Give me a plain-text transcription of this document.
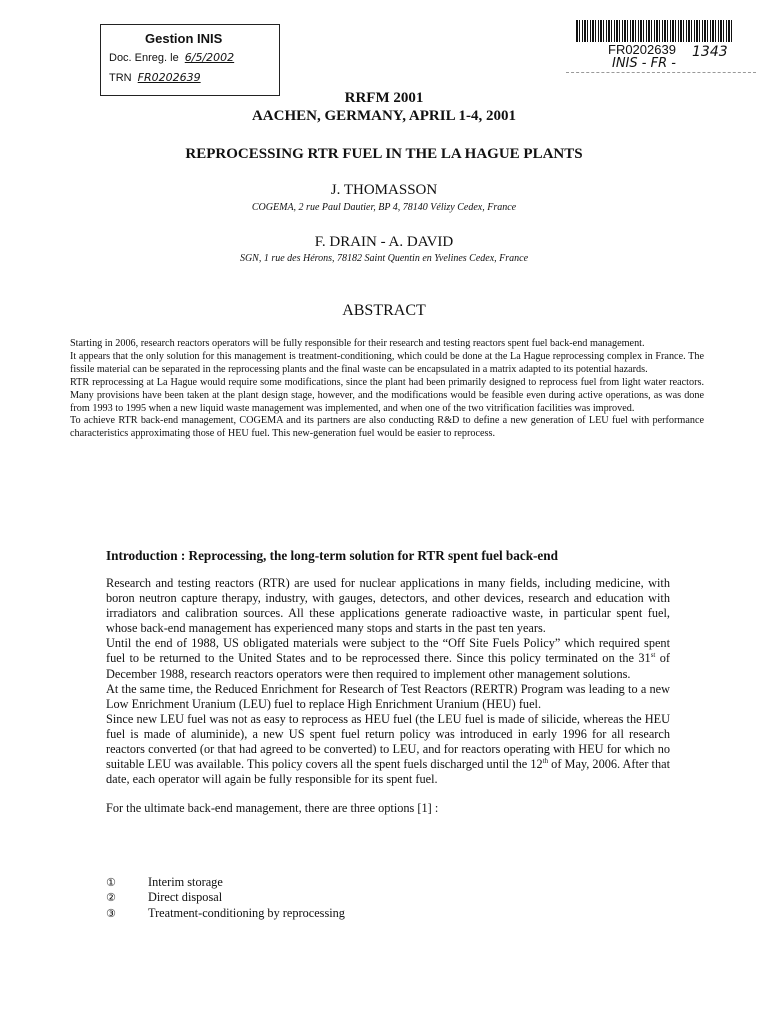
Gestion INIS
Doc. Enreg. le 6/5/2002
TRN FR0202639
FR0202639 1343
INIS - FR -
RRFM 2001
AACHEN, GERMANY, APRIL 1-4, 2001
REPROCESSING RTR FUEL IN THE LA HAGUE PLANTS
J. THOMASSON
COGEMA, 2 rue Paul Dautier, BP 4, 78140 Vélizy Cedex, France
F. DRAIN - A. DAVID
SGN, 1 rue des Hérons, 78182 Saint Quentin en Yvelines Cedex, France
ABSTRACT

Starting in 2006, research reactors operators will be fully responsible for their research and testing reactors spent fuel back-end management.

It appears that the only solution for this management is treatment-conditioning, which could be done at the La Hague reprocessing complex in France. The fissile material can be separated in the reprocessing plants and the final waste can be encapsulated in a matrix adapted to its potential hazards.

RTR reprocessing at La Hague would require some modifications, since the plant had been primarily designed to reprocess fuel from light water reactors. Many provisions have been taken at the plant design stage, however, and the modifications would be feasible even during active operations, as was done from 1993 to 1995 when a new liquid waste management was implemented, and when one of the two vitrification facilities was improved.

To achieve RTR back-end management, COGEMA and its partners are also conducting R&D to define a new generation of LEU fuel with performance characteristics approximating those of HEU fuel. This new-generation fuel would be easier to reprocess.

Introduction : Reprocessing, the long-term solution for RTR spent fuel back-end

Research and testing reactors (RTR) are used for nuclear applications in many fields, including medicine, with boron neutron capture therapy, industry, with gauges, detectors, and other devices, research and education with irradiators and calibration sources. All these applications generate radioactive waste, in particular spent fuel, whose back-end management has experienced many stops and starts in the past ten years.

Until the end of 1988, US obligated materials were subject to the “Off Site Fuels Policy” which required spent fuel to be returned to the United States and to be reprocessed there. Since this policy terminated on the 31st of December 1988, research reactors operators were then required to implement other management solutions.

At the same time, the Reduced Enrichment for Research of Test Reactors (RERTR) Program was leading to a new Low Enrichment Uranium (LEU) fuel to replace High Enrichment Uranium (HEU) fuel.

Since new LEU fuel was not as easy to reprocess as HEU fuel (the LEU fuel is made of silicide, whereas the HEU fuel is made of aluminide), a new US spent fuel return policy was introduced in early 1996 for all research reactors converted (or that had agreed to be converted) to LEU, and for reactors operating with HEU for which no suitable LEU was available. This policy covers all the spent fuels discharged until the 12th of May, 2006. After that date, each operator will again be fully responsible for its spent fuel.

For the ultimate back-end management, there are three options [1] :

①	Interim storage
②	Direct disposal
③	Treatment-conditioning by reprocessing
